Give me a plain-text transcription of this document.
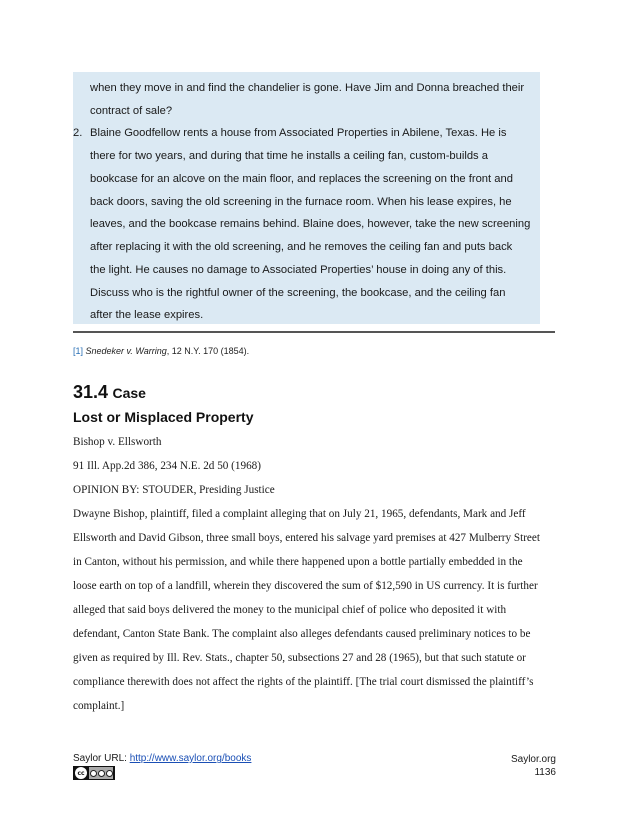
when they move in and find the chandelier is gone. Have Jim and Donna breached their
contract of sale?
2. Blaine Goodfellow rents a house from Associated Properties in Abilene, Texas. He is
there for two years, and during that time he installs a ceiling fan, custom-builds a
bookcase for an alcove on the main floor, and replaces the screening on the front and
back doors, saving the old screening in the furnace room. When his lease expires, he
leaves, and the bookcase remains behind. Blaine does, however, take the new screening
after replacing it with the old screening, and he removes the ceiling fan and puts back
the light. He causes no damage to Associated Properties’ house in doing any of this.
Discuss who is the rightful owner of the screening, the bookcase, and the ceiling fan
after the lease expires.
[1] Snedeker v. Warring, 12 N.Y. 170 (1854).
31.4 Case
Lost or Misplaced Property
Bishop v. Ellsworth
91 Ill. App.2d 386, 234 N.E. 2d 50 (1968)
OPINION BY: STOUDER, Presiding Justice
Dwayne Bishop, plaintiff, filed a complaint alleging that on July 21, 1965, defendants, Mark and Jeff
Ellsworth and David Gibson, three small boys, entered his salvage yard premises at 427 Mulberry Street
in Canton, without his permission, and while there happened upon a bottle partially embedded in the
loose earth on top of a landfill, wherein they discovered the sum of $12,590 in US currency. It is further
alleged that said boys delivered the money to the municipal chief of police who deposited it with
defendant, Canton State Bank. The complaint also alleges defendants caused preliminary notices to be
given as required by Ill. Rev. Stats., chapter 50, subsections 27 and 28 (1965), but that such statute or
compliance therewith does not affect the rights of the plaintiff. [The trial court dismissed the plaintiff’s
complaint.]
Saylor URL: http://www.saylor.org/books
cc
Saylor.org
1136
